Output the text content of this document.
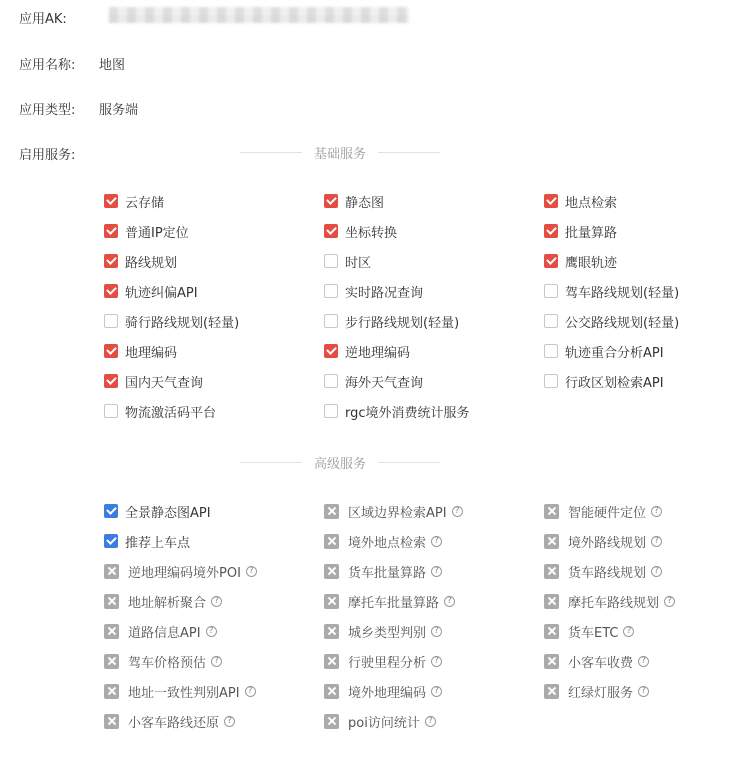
应用AK:
应用名称: 地图
应用类型: 服务端
启用服务:	基础服务
云存储	静态图	地点检索
普通IP定位	坐标转换	批量算路
路线规划	时区	鹰眼轨迹
轨迹纠偏API	实时路况查询	驾车路线规划(轻量)
骑行路线规划(轻量)	步行路线规划(轻量)	公交路线规划(轻量)
地理编码	逆地理编码	轨迹重合分析API
国内天气查询	海外天气查询	行政区划检索API
物流激活码平台	rgc境外消费统计服务
高级服务
全景静态图API	区域边界检索API ?	智能硬件定位 ?
推荐上车点	境外地点检索 ?	境外路线规划 ?
逆地理编码境外POI ?	货车批量算路 ?	货车路线规划 ?
地址解析聚合 ?	摩托车批量算路 ?	摩托车路线规划 ?
道路信息API ?	城乡类型判别 ?	货车ETC ?
驾车价格预估 ?	行驶里程分析 ?	小客车收费 ?
地址一致性判别API ?	境外地理编码 ?	红绿灯服务 ?
小客车路线还原 ?	poi访问统计 ?
